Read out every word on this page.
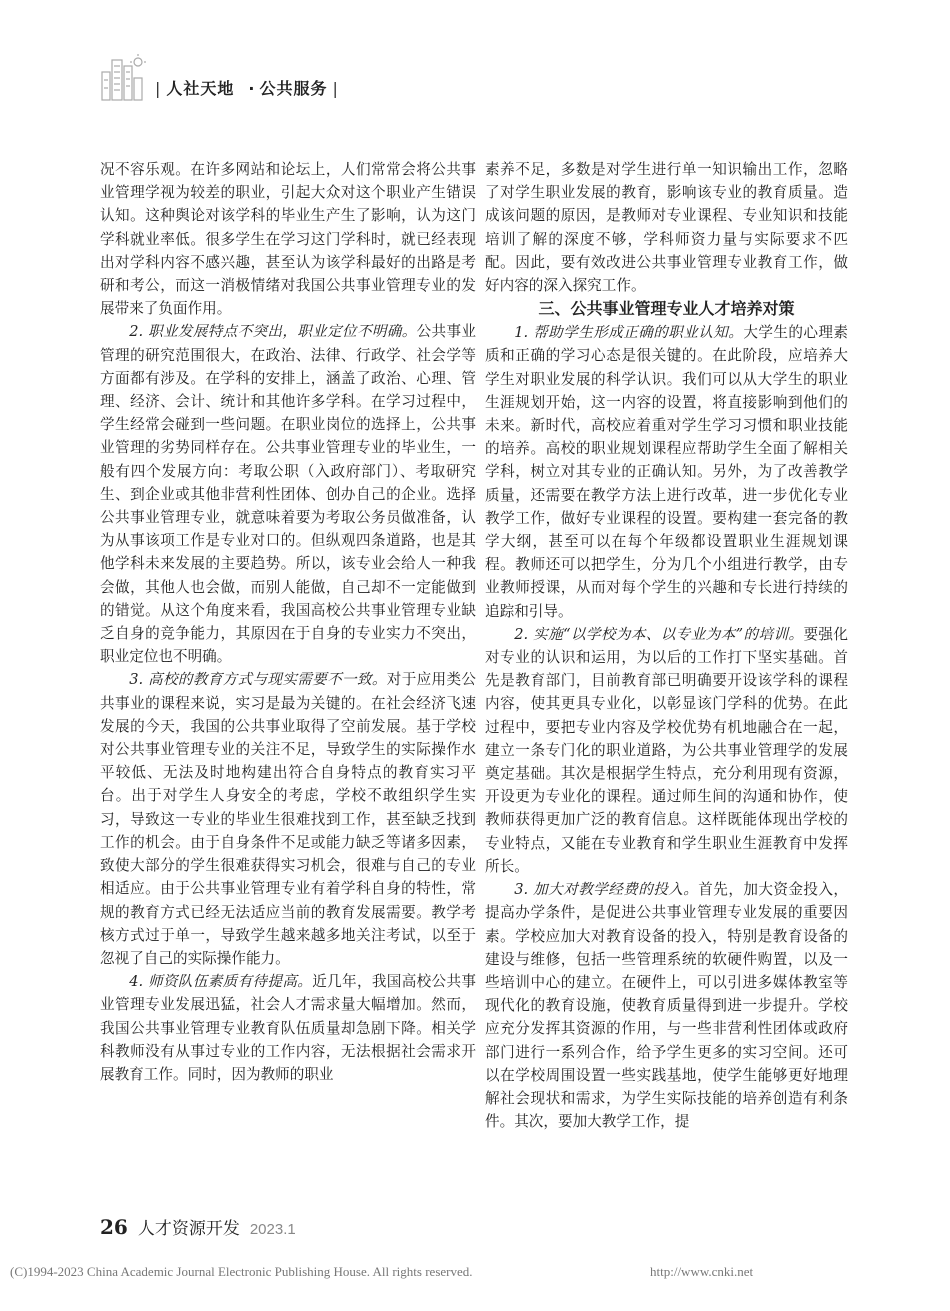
| 人社天地 · 公共服务 |

况不容乐观。在许多网站和论坛上，人们常常会将公共事业管理学视为较差的职业，引起大众对这个职业产生错误认知。这种舆论对该学科的毕业生产生了影响，认为这门学科就业率低。很多学生在学习这门学科时，就已经表现出对学科内容不感兴趣，甚至认为该学科最好的出路是考研和考公，而这一消极情绪对我国公共事业管理专业的发展带来了负面作用。

2. 职业发展特点不突出，职业定位不明确。公共事业管理的研究范围很大，在政治、法律、行政学、社会学等方面都有涉及。在学科的安排上，涵盖了政治、心理、管理、经济、会计、统计和其他许多学科。在学习过程中，学生经常会碰到一些问题。在职业岗位的选择上，公共事业管理的劣势同样存在。公共事业管理专业的毕业生，一般有四个发展方向：考取公职（入政府部门）、考取研究生、到企业或其他非营利性团体、创办自己的企业。选择公共事业管理专业，就意味着要为考取公务员做准备，认为从事该项工作是专业对口的。但纵观四条道路，也是其他学科未来发展的主要趋势。所以，该专业会给人一种我会做，其他人也会做，而别人能做，自己却不一定能做到的错觉。从这个角度来看，我国高校公共事业管理专业缺乏自身的竞争能力，其原因在于自身的专业实力不突出，职业定位也不明确。

3. 高校的教育方式与现实需要不一致。对于应用类公共事业的课程来说，实习是最为关键的。在社会经济飞速发展的今天，我国的公共事业取得了空前发展。基于学校对公共事业管理专业的关注不足，导致学生的实际操作水平较低、无法及时地构建出符合自身特点的教育实习平台。出于对学生人身安全的考虑，学校不敢组织学生实习，导致这一专业的毕业生很难找到工作，甚至缺乏找到工作的机会。由于自身条件不足或能力缺乏等诸多因素，致使大部分的学生很难获得实习机会，很难与自己的专业相适应。由于公共事业管理专业有着学科自身的特性，常规的教育方式已经无法适应当前的教育发展需要。教学考核方式过于单一，导致学生越来越多地关注考试，以至于忽视了自己的实际操作能力。

4. 师资队伍素质有待提高。近几年，我国高校公共事业管理专业发展迅猛，社会人才需求量大幅增加。然而，我国公共事业管理专业教育队伍质量却急剧下降。相关学科教师没有从事过专业的工作内容，无法根据社会需求开展教育工作。同时，因为教师的职业

素养不足，多数是对学生进行单一知识输出工作，忽略了对学生职业发展的教育，影响该专业的教育质量。造成该问题的原因，是教师对专业课程、专业知识和技能培训了解的深度不够，学科师资力量与实际要求不匹配。因此，要有效改进公共事业管理专业教育工作，做好内容的深入探究工作。

三、公共事业管理专业人才培养对策

1. 帮助学生形成正确的职业认知。大学生的心理素质和正确的学习心态是很关键的。在此阶段，应培养大学生对职业发展的科学认识。我们可以从大学生的职业生涯规划开始，这一内容的设置，将直接影响到他们的未来。新时代，高校应着重对学生学习习惯和职业技能的培养。高校的职业规划课程应帮助学生全面了解相关学科，树立对其专业的正确认知。另外，为了改善教学质量，还需要在教学方法上进行改革，进一步优化专业教学工作，做好专业课程的设置。要构建一套完备的教学大纲，甚至可以在每个年级都设置职业生涯规划课程。教师还可以把学生，分为几个小组进行教学，由专业教师授课，从而对每个学生的兴趣和专长进行持续的追踪和引导。

2. 实施“以学校为本、以专业为本”的培训。要强化对专业的认识和运用，为以后的工作打下坚实基础。首先是教育部门，目前教育部已明确要开设该学科的课程内容，使其更具专业化，以彰显该门学科的优势。在此过程中，要把专业内容及学校优势有机地融合在一起，建立一条专门化的职业道路，为公共事业管理学的发展奠定基础。其次是根据学生特点，充分利用现有资源，开设更为专业化的课程。通过师生间的沟通和协作，使教师获得更加广泛的教育信息。这样既能体现出学校的专业特点，又能在专业教育和学生职业生涯教育中发挥所长。

3. 加大对教学经费的投入。首先，加大资金投入，提高办学条件，是促进公共事业管理专业发展的重要因素。学校应加大对教育设备的投入，特别是教育设备的建设与维修，包括一些管理系统的软硬件购置，以及一些培训中心的建立。在硬件上，可以引进多媒体教室等现代化的教育设施，使教育质量得到进一步提升。学校应充分发挥其资源的作用，与一些非营利性团体或政府部门进行一系列合作，给予学生更多的实习空间。还可以在学校周围设置一些实践基地，使学生能够更好地理解社会现状和需求，为学生实际技能的培养创造有利条件。其次，要加大教学工作，提

26 人才资源开发 2023.1
(C)1994-2023 China Academic Journal Electronic Publishing House. All rights reserved.	http://www.cnki.net
